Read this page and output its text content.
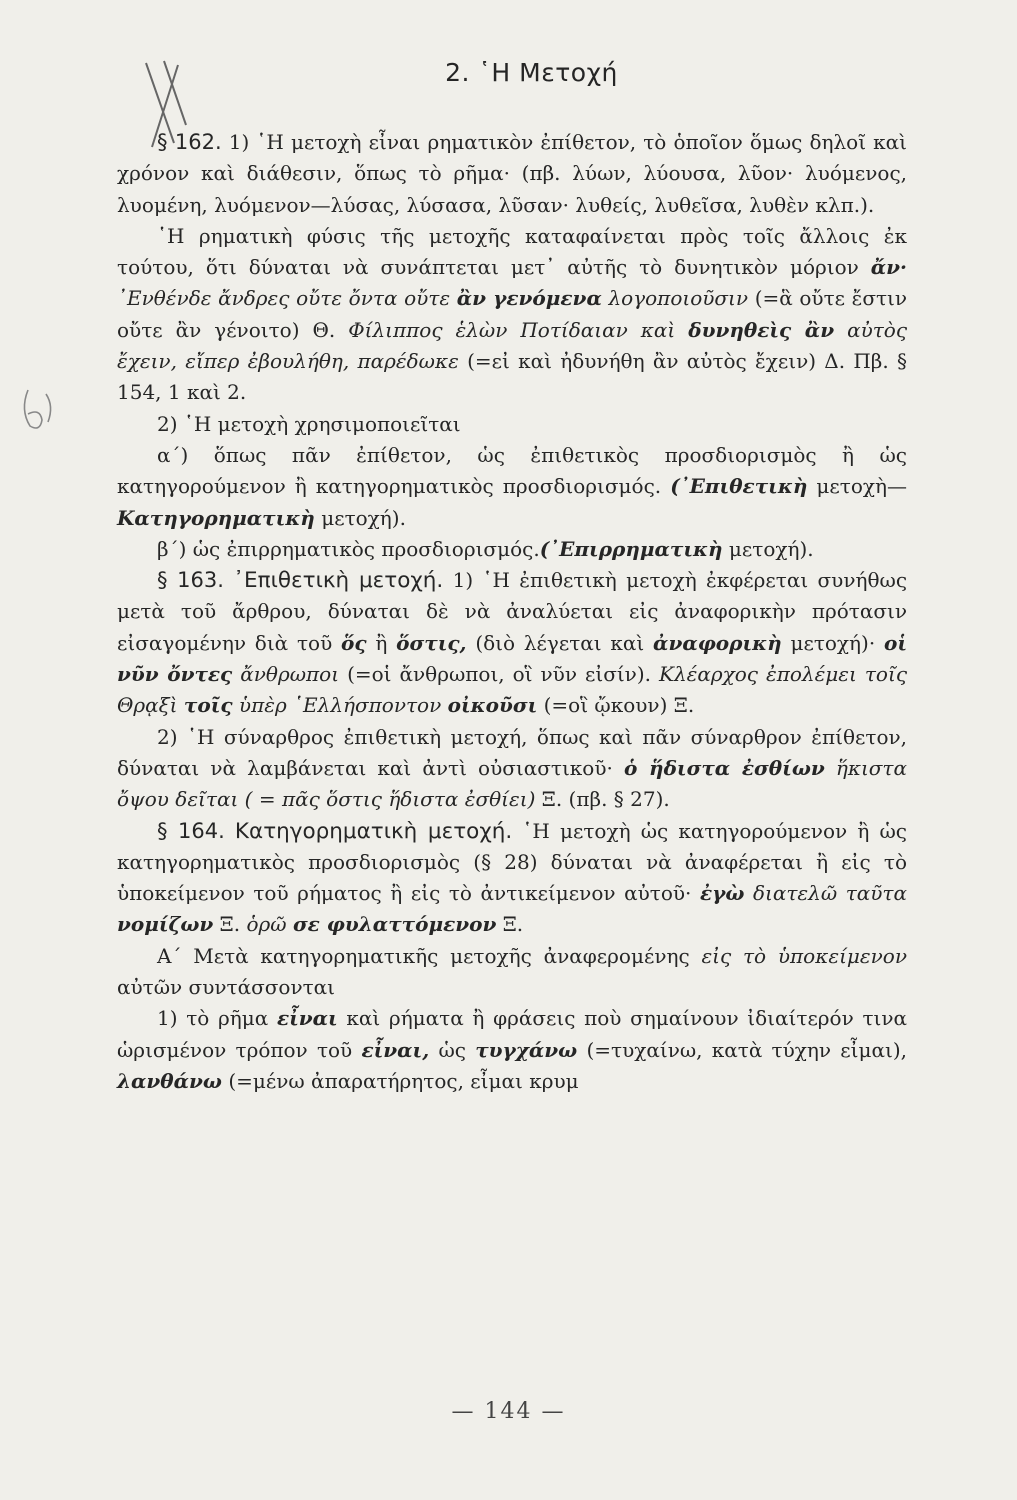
2. ῾Η Μετοχή

§ 162. 1) ῾Η μετοχὴ εἶναι ρηματικὸν ἐπίθετον, τὸ ὁποῖον ὅμως δηλοῖ καὶ χρόνον καὶ διάθεσιν, ὅπως τὸ ρῆμα· (πβ. λύων, λύουσα, λῦον· λυόμενος, λυομένη, λυόμενον—λύσας, λύσασα, λῦσαν· λυθείς, λυθεῖσα, λυθὲν κλπ.).

῾Η ρηματικὴ φύσις τῆς μετοχῆς καταφαίνεται πρὸς τοῖς ἄλλοις ἐκ τούτου, ὅτι δύναται νὰ συνάπτεται μετ᾽ αὐτῆς τὸ δυνητικὸν μόριον ἄν· ᾿Ενθένδε ἄνδρες οὔτε ὄντα οὔτε ἂν γενόμενα λογοποιοῦσιν (=ἃ οὔτε ἔστιν οὔτε ἂν γένοιτο) Θ. Φίλιππος ἑλὼν Ποτίδαιαν καὶ δυνηθεὶς ἂν αὐτὸς ἔχειν, εἴπερ ἐβουλήθη, παρέδωκε (=εἰ καὶ ἠδυνήθη ἂν αὐτὸς ἔχειν) Δ. Πβ. § 154, 1 καὶ 2.

2) ῾Η μετοχὴ χρησιμοποιεῖται

α΄) ὅπως πᾶν ἐπίθετον, ὡς ἐπιθετικὸς προσδιορισμὸς ἢ ὡς κατηγορούμενον ἢ κατηγορηματικὸς προσδιορισμός. (᾿Επιθετικὴ μετοχὴ—Κατηγορηματικὴ μετοχή).

β΄) ὡς ἐπιρρηματικὸς προσδιορισμός.(᾿Επιρρηματικὴ μετοχή).

§ 163. ᾿Επιθετικὴ μετοχή. 1) ῾Η ἐπιθετικὴ μετοχὴ ἐκφέρεται συνήθως μετὰ τοῦ ἄρθρου, δύναται δὲ νὰ ἀναλύεται εἰς ἀναφορικὴν πρότασιν εἰσαγομένην διὰ τοῦ ὅς ἢ ὅστις, (διὸ λέγεται καὶ ἀναφορικὴ μετοχή)· οἱ νῦν ὄντες ἄνθρωποι (=οἱ ἄνθρωποι, οἳ νῦν εἰσίν). Κλέαρχος ἐπολέμει τοῖς Θρᾳξὶ τοῖς ὑπὲρ ῾Ελλήσποντον οἰκοῦσι (=οἳ ᾤκουν) Ξ.

2) ῾Η σύναρθρος ἐπιθετικὴ μετοχή, ὅπως καὶ πᾶν σύναρθρον ἐπίθετον, δύναται νὰ λαμβάνεται καὶ ἀντὶ οὐσιαστικοῦ· ὁ ἥδιστα ἐσθίων ἥκιστα ὄψου δεῖται ( = πᾶς ὅστις ἥδιστα ἐσθίει) Ξ. (πβ. § 27).

§ 164. Κατηγορηματικὴ μετοχή. ῾Η μετοχὴ ὡς κατηγορούμενον ἢ ὡς κατηγορηματικὸς προσδιορισμὸς (§ 28) δύναται νὰ ἀναφέρεται ἢ εἰς τὸ ὑποκείμενον τοῦ ρήματος ἢ εἰς τὸ ἀντικείμενον αὐτοῦ· ἐγὼ διατελῶ ταῦτα νομίζων Ξ. ὁρῶ σε φυλαττόμενον Ξ.

Α΄ Μετὰ κατηγορηματικῆς μετοχῆς ἀναφερομένης εἰς τὸ ὑποκείμενον αὐτῶν συντάσσονται

1) τὸ ρῆμα εἶναι καὶ ρήματα ἢ φράσεις ποὺ σημαίνουν ἰδιαίτερόν τινα ὡρισμένον τρόπον τοῦ εἶναι, ὡς τυγχάνω (=τυχαίνω, κατὰ τύχην εἶμαι), λανθάνω (=μένω ἀπαρατήρητος, εἶμαι κρυμ

— 144 —
